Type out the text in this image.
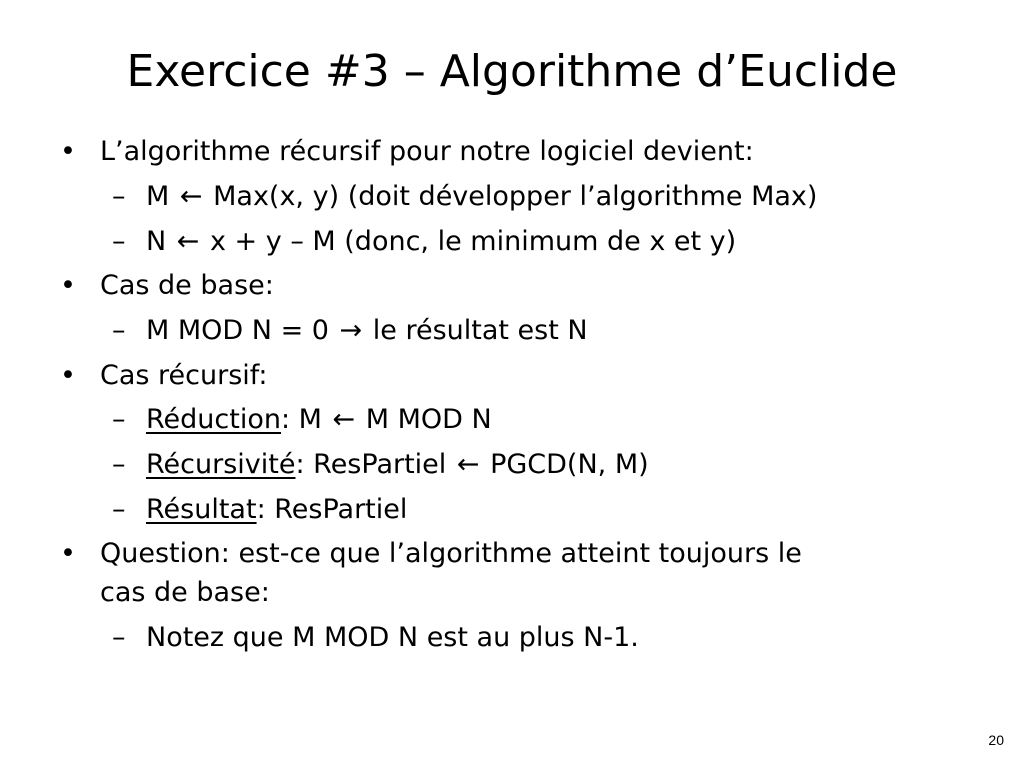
Exercice #3 – Algorithme d’Euclide
• L’algorithme récursif pour notre logiciel devient:
– M ← Max(x, y) (doit développer l’algorithme Max)
– N ← x + y – M (donc, le minimum de x et y)
• Cas de base:
– M MOD N = 0 → le résultat est N
• Cas récursif:
– Réduction: M ← M MOD N
– Récursivité: ResPartiel ← PGCD(N, M)
– Résultat: ResPartiel
• Question: est-ce que l’algorithme atteint toujours le
cas de base:
– Notez que M MOD N est au plus N-1.
20
